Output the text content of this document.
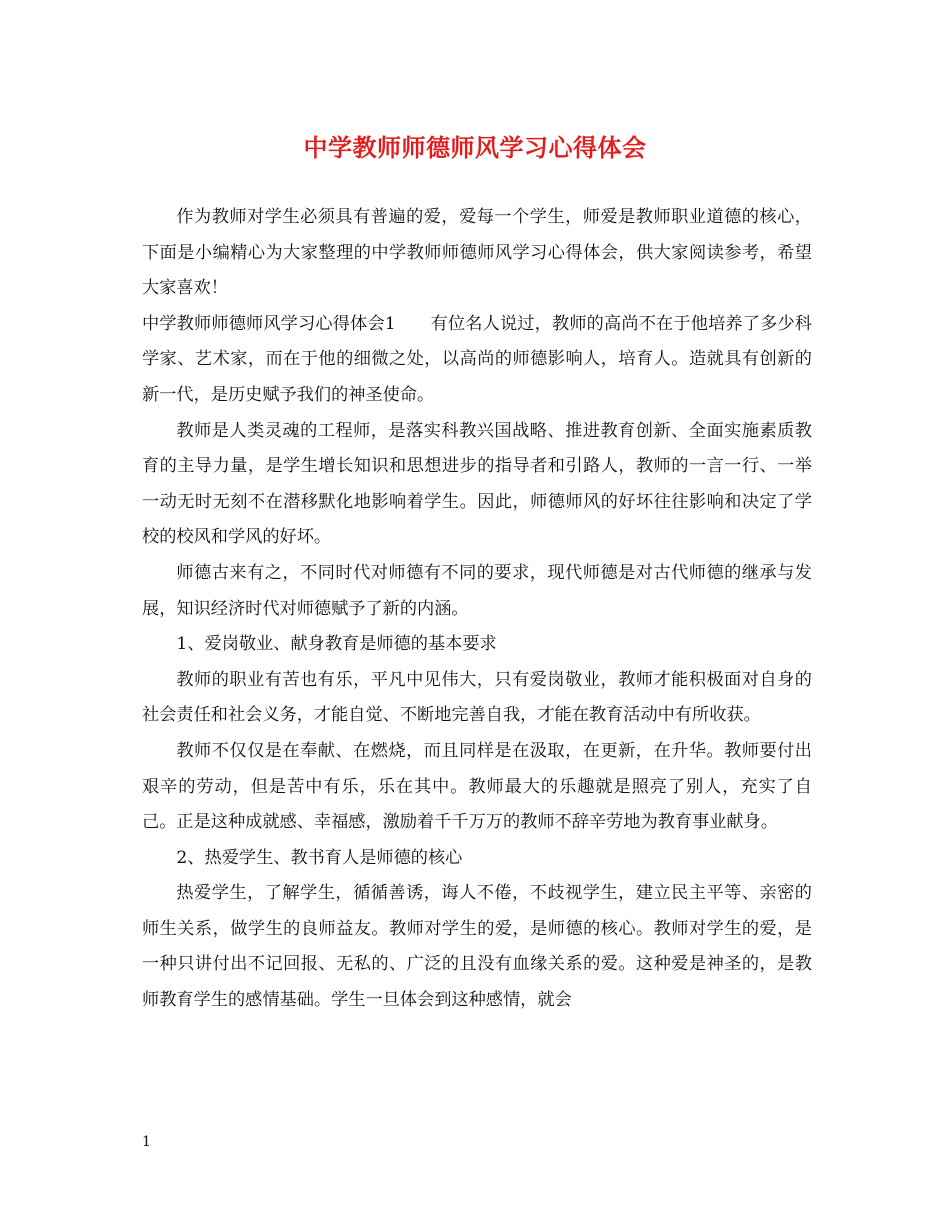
中学教师师德师风学习心得体会

作为教师对学生必须具有普遍的爱，爱每一个学生，师爱是教师职业道德的核心，下面是小编精心为大家整理的中学教师师德师风学习心得体会，供大家阅读参考，希望大家喜欢！

中学教师师德师风学习心得体会1　　有位名人说过，教师的高尚不在于他培养了多少科学家、艺术家，而在于他的细微之处，以高尚的师德影响人，培育人。造就具有创新的新一代，是历史赋予我们的神圣使命。

教师是人类灵魂的工程师，是落实科教兴国战略、推进教育创新、全面实施素质教育的主导力量，是学生增长知识和思想进步的指导者和引路人，教师的一言一行、一举一动无时无刻不在潜移默化地影响着学生。因此，师德师风的好坏往往影响和决定了学校的校风和学风的好坏。

师德古来有之，不同时代对师德有不同的要求，现代师德是对古代师德的继承与发展，知识经济时代对师德赋予了新的内涵。

1、爱岗敬业、献身教育是师德的基本要求

教师的职业有苦也有乐，平凡中见伟大，只有爱岗敬业，教师才能积极面对自身的社会责任和社会义务，才能自觉、不断地完善自我，才能在教育活动中有所收获。

教师不仅仅是在奉献、在燃烧，而且同样是在汲取，在更新，在升华。教师要付出艰辛的劳动，但是苦中有乐，乐在其中。教师最大的乐趣就是照亮了别人，充实了自己。正是这种成就感、幸福感，激励着千千万万的教师不辞辛劳地为教育事业献身。

2、热爱学生、教书育人是师德的核心

热爱学生，了解学生，循循善诱，诲人不倦，不歧视学生，建立民主平等、亲密的师生关系，做学生的良师益友。教师对学生的爱，是师德的核心。教师对学生的爱，是一种只讲付出不记回报、无私的、广泛的且没有血缘关系的爱。这种爱是神圣的，是教师教育学生的感情基础。学生一旦体会到这种感情，就会

1
